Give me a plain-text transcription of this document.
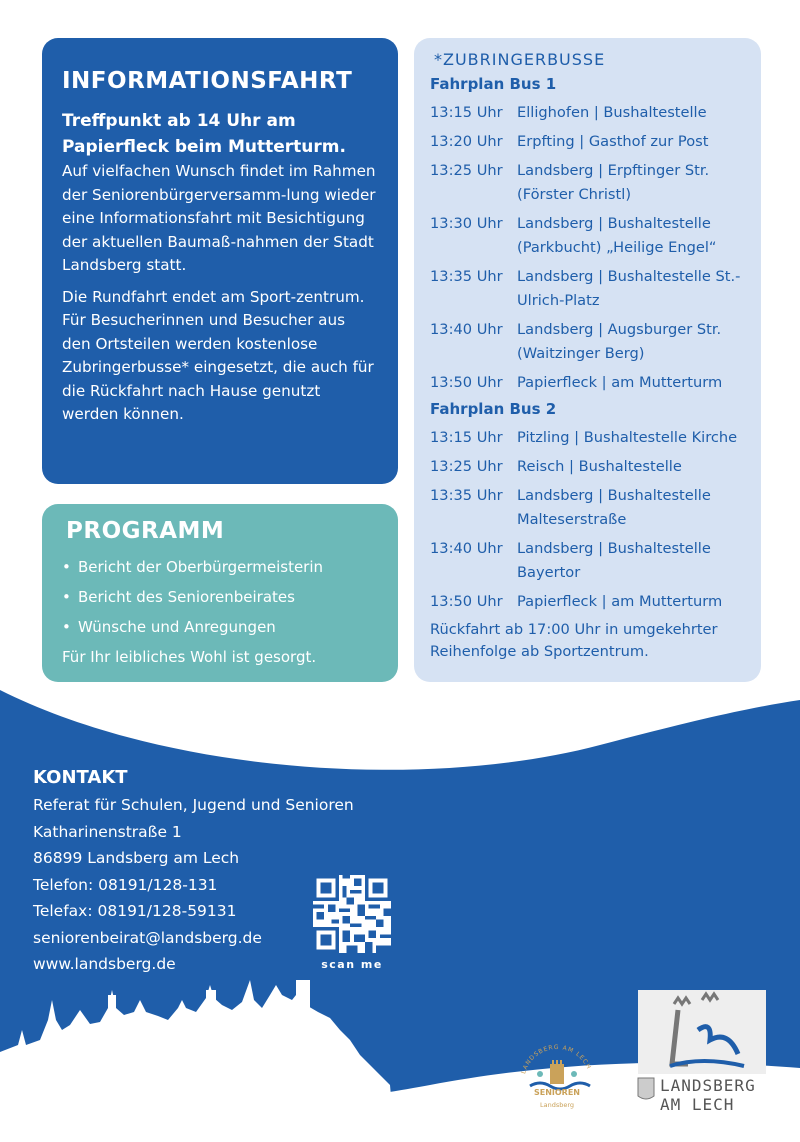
INFORMATIONSFAHRT
Treffpunkt ab 14 Uhr am Papierfleck beim Mutterturm.

Auf vielfachen Wunsch findet im Rahmen der Seniorenbürgerversamm-lung wieder eine Informationsfahrt mit Besichtigung der aktuellen Baumaß-nahmen der Stadt Landsberg statt.

Die Rundfahrt endet am Sport-zentrum. Für Besucherinnen und Besucher aus den Ortsteilen werden kostenlose Zubringerbusse* eingesetzt, die auch für die Rückfahrt nach Hause genutzt werden können.

PROGRAMM
• Bericht der Oberbürgermeisterin
• Bericht des Seniorenbeirates
• Wünsche und Anregungen
Für Ihr leibliches Wohl ist gesorgt.
*ZUBRINGERBUSSE
Fahrplan Bus 1
13:15 Uhr Ellighofen | Bushaltestelle
13:20 Uhr Erpfting | Gasthof zur Post
13:25 Uhr Landsberg | Erpftinger Str. (Förster Christl)
13:30 Uhr Landsberg | Bushaltestelle (Parkbucht) „Heilige Engel“
13:35 Uhr Landsberg | Bushaltestelle St.-Ulrich-Platz
13:40 Uhr Landsberg | Augsburger Str. (Waitzinger Berg)
13:50 Uhr Papierfleck | am Mutterturm
Fahrplan Bus 2
13:15 Uhr Pitzling | Bushaltestelle Kirche
13:25 Uhr Reisch | Bushaltestelle
13:35 Uhr Landsberg | Bushaltestelle Malteserstraße
13:40 Uhr Landsberg | Bushaltestelle Bayertor
13:50 Uhr Papierfleck | am Mutterturm
Rückfahrt ab 17:00 Uhr in umgekehrter Reihenfolge ab Sportzentrum.
KONTAKT
Referat für Schulen, Jugend und Senioren
Katharinenstraße 1
86899 Landsberg am Lech
Telefon: 08191/128-131
Telefax: 08191/128-59131
seniorenbeirat@landsberg.de
www.landsberg.de	scan me
LANDSBERG AM LECH
SENIOREN
Landsberg
LANDSBERG
AM LECH
